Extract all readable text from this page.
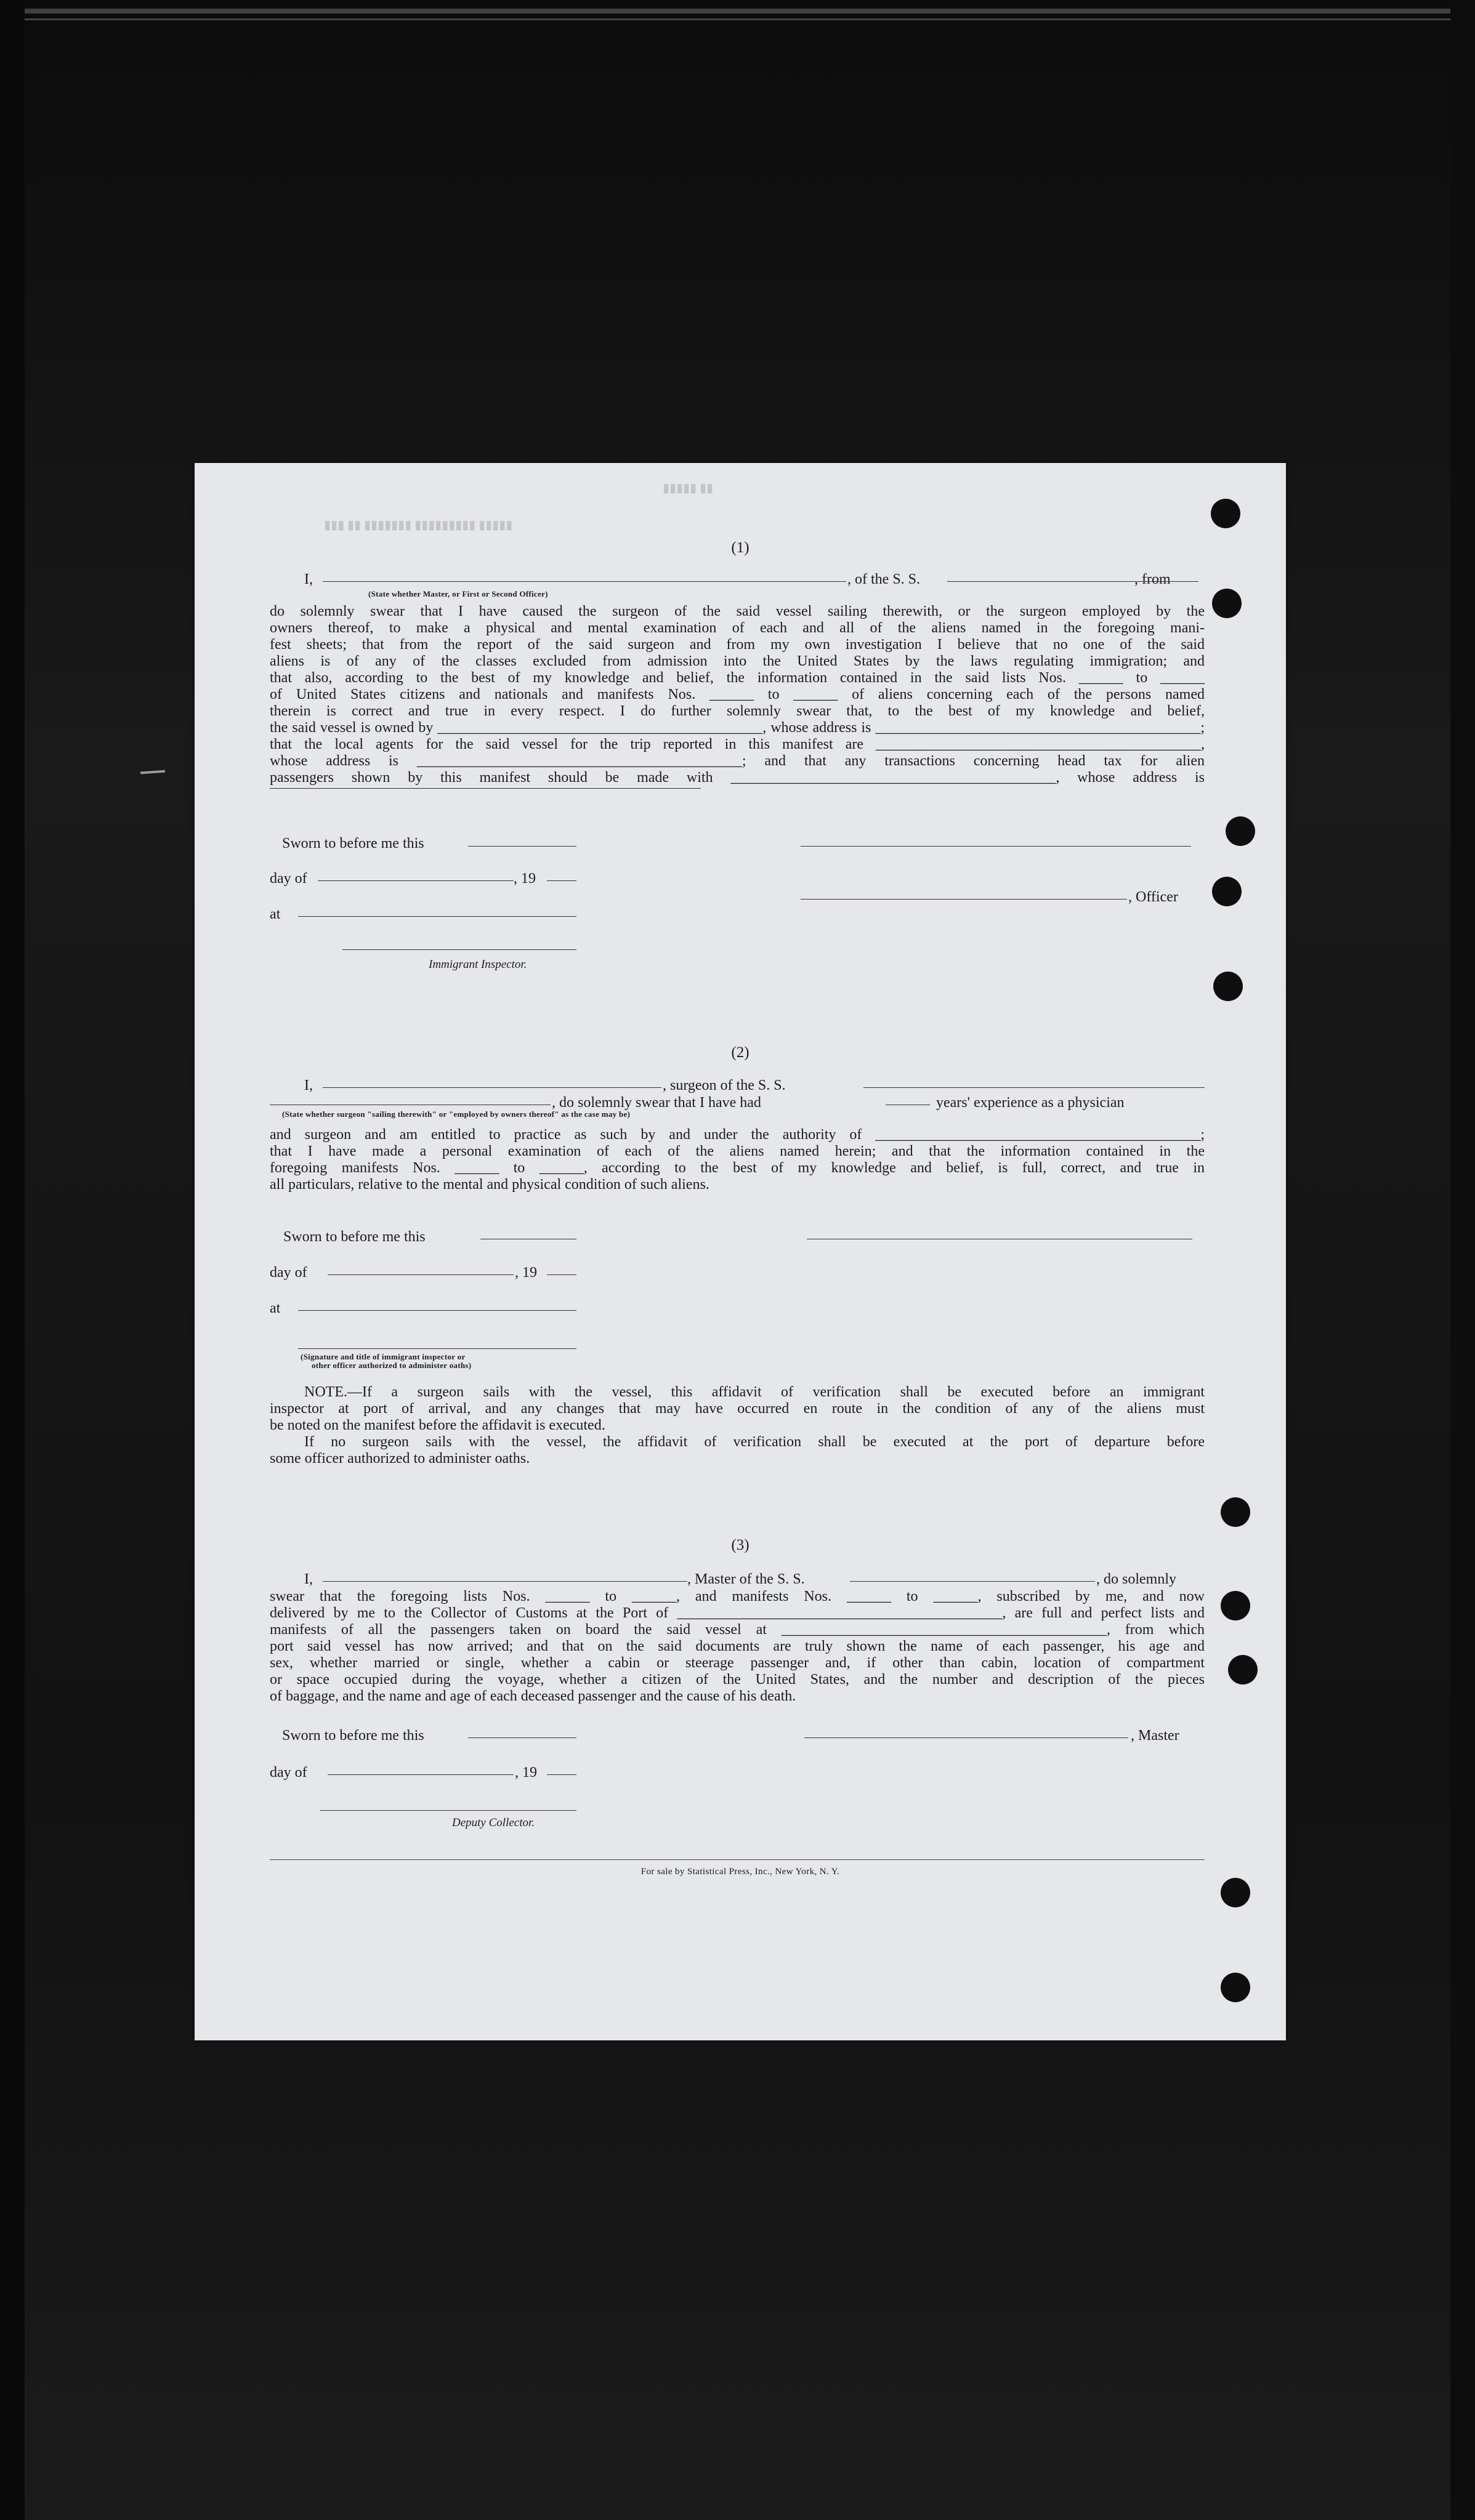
▮▮▮ ▮▮ ▮▮▮▮▮▮▮ ▮▮▮▮▮▮▮▮▮ ▮▮▮▮▮
▮▮▮▮▮ ▮▮
(1)
I,	, of the S. S.	, from
(State whether Master, or First or Second Officer)
do solemnly swear that I have caused the surgeon of the said vessel sailing therewith, or the surgeon employed by the
owners thereof, to make a physical and mental examination of each and all of the aliens named in the foregoing mani-
fest sheets; that from the report of the said surgeon and from my own investigation I believe that no one of the said
aliens is of any of the classes excluded from admission into the United States by the laws regulating immigration; and
that also, according to the best of my knowledge and belief, the information contained in the said lists Nos. ______ to ______
of United States citizens and nationals and manifests Nos. ______ to ______ of aliens concerning each of the persons named
therein is correct and true in every respect. I do further solemnly swear that, to the best of my knowledge and belief,
the said vessel is owned by ____________________________________________, whose address is ____________________________________________;
that the local agents for the said vessel for the trip reported in this manifest are ____________________________________________,
whose address is ____________________________________________; and that any transactions concerning head tax for alien
passengers shown by this manifest should be made with ____________________________________________, whose address is
Sworn to before me this
day of	, 19
, Officer
at
Immigrant Inspector.
(2)
I,	, surgeon of the S. S.
, do solemnly swear that I have had	years' experience as a physician
(State whether surgeon "sailing therewith" or "employed by owners thereof" as the case may be)
and surgeon and am entitled to practice as such by and under the authority of ____________________________________________;
that I have made a personal examination of each of the aliens named herein; and that the information contained in the
foregoing manifests Nos. ______ to ______, according to the best of my knowledge and belief, is full, correct, and true in
all particulars, relative to the mental and physical condition of such aliens.
Sworn to before me this
day of	, 19
at
(Signature and title of immigrant inspector or
other officer authorized to administer oaths)
NOTE.—If a surgeon sails with the vessel, this affidavit of verification shall be executed before an immigrant
inspector at port of arrival, and any changes that may have occurred en route in the condition of any of the aliens must
be noted on the manifest before the affidavit is executed.
If no surgeon sails with the vessel, the affidavit of verification shall be executed at the port of departure before
some officer authorized to administer oaths.
(3)
I,	, Master of the S. S.	, do solemnly
swear that the foregoing lists Nos. ______ to ______, and manifests Nos. ______ to ______, subscribed by me, and now
delivered by me to the Collector of Customs at the Port of ____________________________________________, are full and perfect lists and
manifests of all the passengers taken on board the said vessel at ____________________________________________, from which
port said vessel has now arrived; and that on the said documents are truly shown the name of each passenger, his age and
sex, whether married or single, whether a cabin or steerage passenger and, if other than cabin, location of compartment
or space occupied during the voyage, whether a citizen of the United States, and the number and description of the pieces
of baggage, and the name and age of each deceased passenger and the cause of his death.
Sworn to before me this	, Master
day of	, 19
Deputy Collector.
For sale by Statistical Press, Inc., New York, N. Y.
